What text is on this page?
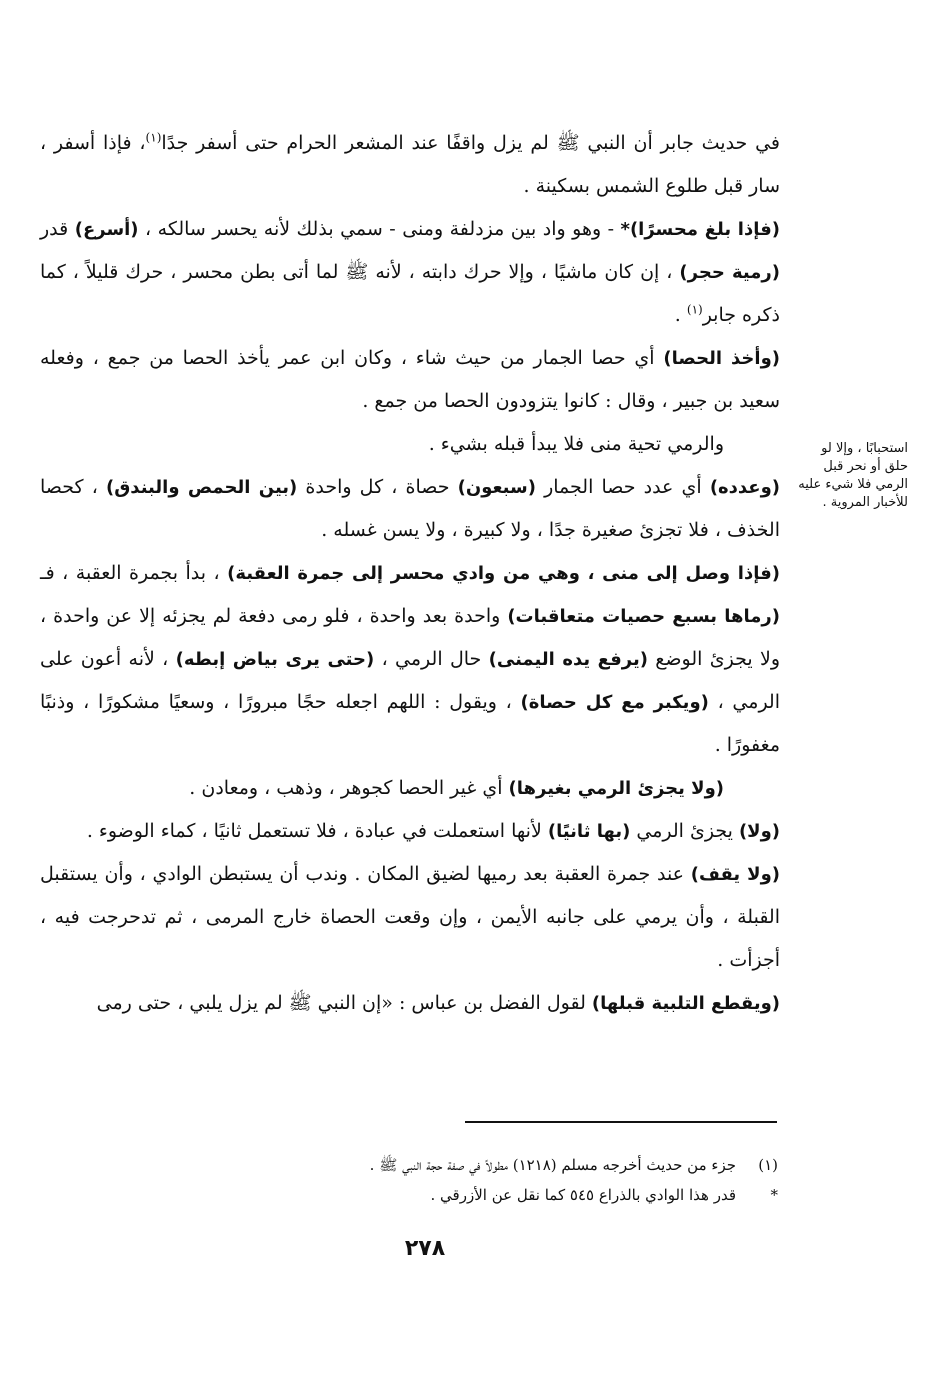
في حديث جابر أن النبي ﷺ لم يزل واقفًا عند المشعر الحرام حتى أسفر جدًا$^{(١)}$، فإذا أسفر ، سار قبل طلوع الشمس بسكينة .

(فإذا بلغ محسرًا)* - وهو واد بين مزدلفة ومنى - سمي بذلك لأنه يحسر سالكه ، (أسرع) قدر (رمية حجر) ، إن كان ماشيًا ، وإلا حرك دابته ، لأنه ﷺ لما أتى بطن محسر ، حرك قليلاً ، كما ذكره جابر$^{(١)}$ .

(وأخذ الحصا) أي حصا الجمار من حيث شاء ، وكان ابن عمر يأخذ الحصا من جمع ، وفعله سعيد بن جبير ، وقال : كانوا يتزودون الحصا من جمع .

والرمي تحية منى فلا يبدأ قبله بشيء .

(وعدده) أي عدد حصا الجمار (سبعون) حصاة ، كل واحدة (بين الحمص والبندق) ، كحصا الخذف ، فلا تجزئ صغيرة جدًا ، ولا كبيرة ، ولا يسن غسله .

(فإذا وصل إلى منى ، وهي من وادي محسر إلى جمرة العقبة) ، بدأ بجمرة العقبة ، فـ (رماها بسبع حصيات متعاقبات) واحدة بعد واحدة ، فلو رمى دفعة لم يجزئه إلا عن واحدة ، ولا يجزئ الوضع (يرفع يده اليمنى) حال الرمي ، (حتى يرى بياض إبطه) ، لأنه أعون على الرمي ، (ويكبر مع كل حصاة) ، ويقول : اللهم اجعله حجًا مبرورًا ، وسعيًا مشكورًا ، وذنبًا مغفورًا .

(ولا يجزئ الرمي بغيرها) أي غير الحصا كجوهر ، وذهب ، ومعادن .

(ولا) يجزئ الرمي (بها ثانيًا) لأنها استعملت في عبادة ، فلا تستعمل ثانيًا ، كماء الوضوء .

(ولا يقف) عند جمرة العقبة بعد رميها لضيق المكان . وندب أن يستبطن الوادي ، وأن يستقبل القبلة ، وأن يرمي على جانبه الأيمن ، وإن وقعت الحصاة خارج المرمى ، ثم تدحرجت فيه ، أجزأت .

(ويقطع التلبية قبلها) لقول الفضل بن عباس : «إن النبي ﷺ لم يزل يلبي ، حتى رمى

استحبابًا ، وإلا لو حلق أو نحر قبل الرمي فلا شيء عليه للأخبار المروية .
(١)
جزء من حديث أخرجه مسلم (١٢١٨) مطولاً في صفة حجة النبي ﷺ .
*
قدر هذا الوادي بالذراع ٥٤٥ كما نقل عن الأزرقي .
٢٧٨
